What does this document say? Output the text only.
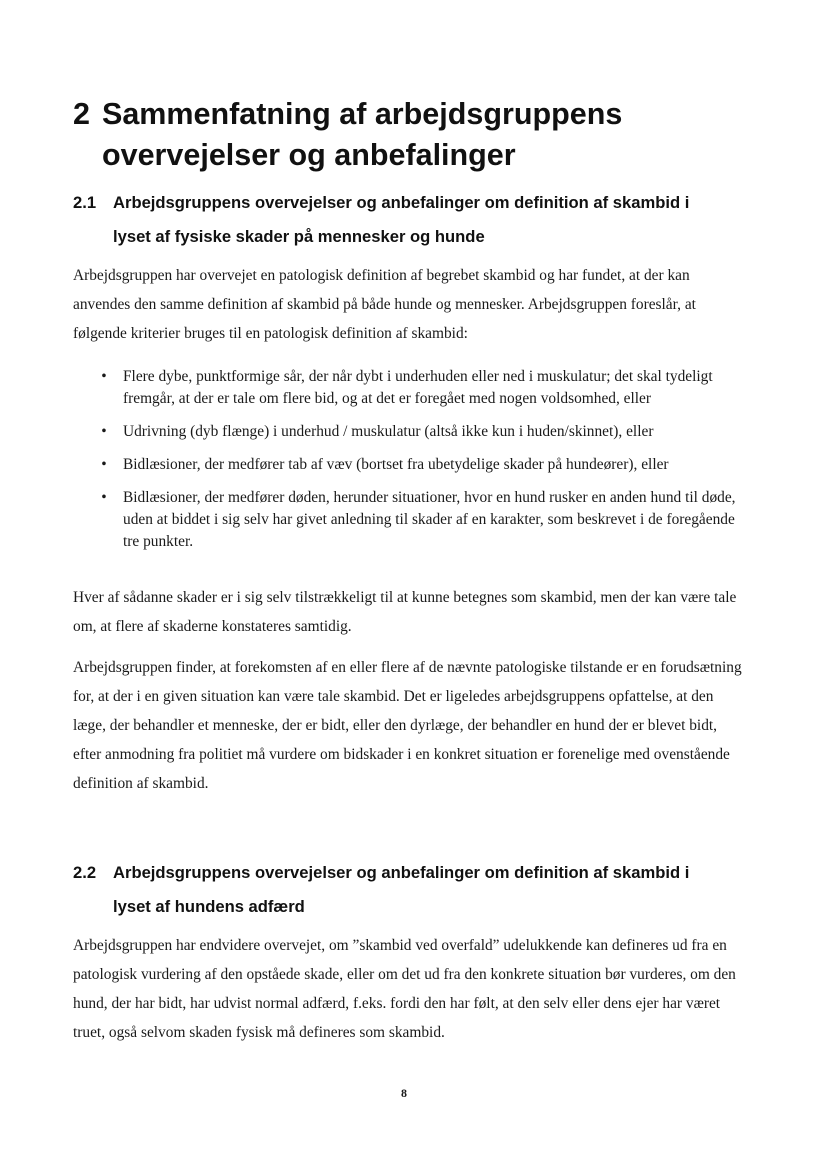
2 Sammenfatning af arbejdsgruppens
overvejelser og anbefalinger
2.1 Arbejdsgruppens overvejelser og anbefalinger om definition af skambid i
lyset af fysiske skader på mennesker og hunde

Arbejdsgruppen har overvejet en patologisk definition af begrebet skambid og har fundet, at der kan anvendes den samme definition af skambid på både hunde og mennesker. Arbejdsgruppen foreslår, at følgende kriterier bruges til en patologisk definition af skambid:

• Flere dybe, punktformige sår, der når dybt i underhuden eller ned i muskulatur; det skal tydeligt fremgår, at der er tale om flere bid, og at det er foregået med nogen voldsomhed, eller
• Udrivning (dyb flænge) i underhud / muskulatur (altså ikke kun i huden/skinnet), eller
• Bidlæsioner, der medfører tab af væv (bortset fra ubetydelige skader på hundeører), eller
• Bidlæsioner, der medfører døden, herunder situationer, hvor en hund rusker en anden hund til døde, uden at biddet i sig selv har givet anledning til skader af en karakter, som beskrevet i de foregående tre punkter.

Hver af sådanne skader er i sig selv tilstrækkeligt til at kunne betegnes som skambid, men der kan være tale om, at flere af skaderne konstateres samtidig.

Arbejdsgruppen finder, at forekomsten af en eller flere af de nævnte patologiske tilstande er en forudsætning for, at der i en given situation kan være tale skambid. Det er ligeledes arbejdsgruppens opfattelse, at den læge, der behandler et menneske, der er bidt, eller den dyrlæge, der behandler en hund der er blevet bidt, efter anmodning fra politiet må vurdere om bidskader i en konkret situation er forenelige med ovenstående definition af skambid.

2.2 Arbejdsgruppens overvejelser og anbefalinger om definition af skambid i
lyset af hundens adfærd

Arbejdsgruppen har endvidere overvejet, om ”skambid ved overfald” udelukkende kan defineres ud fra en patologisk vurdering af den opståede skade, eller om det ud fra den konkrete situation bør vurderes, om den hund, der har bidt, har udvist normal adfærd, f.eks. fordi den har følt, at den selv eller dens ejer har været truet, også selvom skaden fysisk må defineres som skambid.

8
